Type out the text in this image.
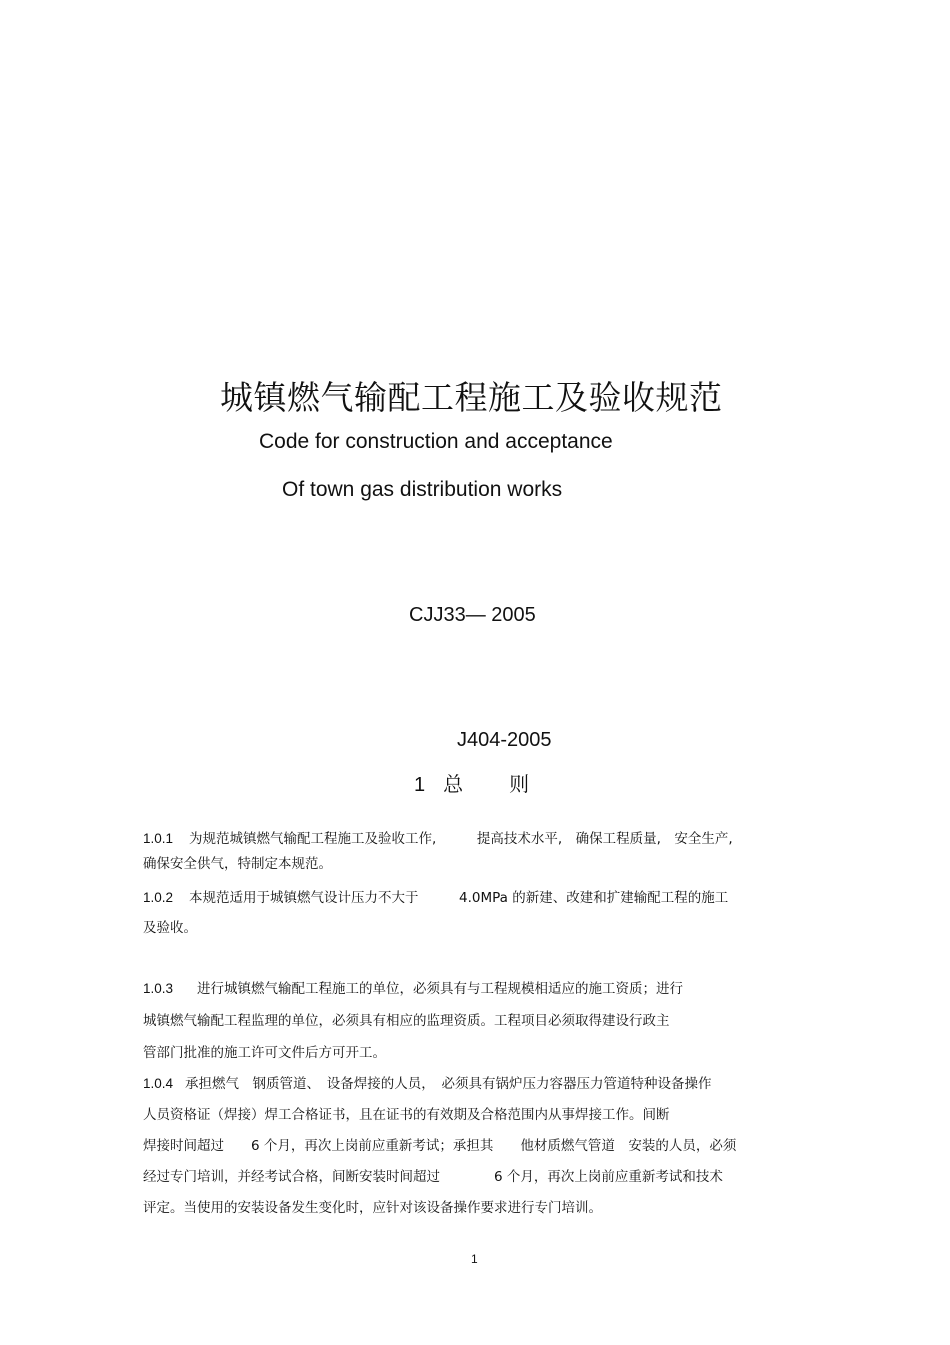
城镇燃气输配工程施工及验收规范
Code for construction and acceptance
Of town gas distribution works
CJJ33— 2005
J404-2005
1 总 则
1.0.1 为规范城镇燃气输配工程施工及验收工作,　　　提高技术水平,　确保工程质量,　安全生产,
确保安全供气，特制定本规范。
1.0.2 本规范适用于城镇燃气设计压力不大于　　　4.0MPa 的新建、改建和扩建输配工程的施工
及验收。
1.0.3 进行城镇燃气输配工程施工的单位，必须具有与工程规模相适应的施工资质；进行
城镇燃气输配工程监理的单位，必须具有相应的监理资质。工程项目必须取得建设行政主
管部门批准的施工许可文件后方可开工。
1.0.4 承担燃气　钢质管道、　设备焊接的人员，　必须具有锅炉压力容器压力管道特种设备操作
人员资格证（焊接）焊工合格证书，且在证书的有效期及合格范围内从事焊接工作。间断
焊接时间超过　　6 个月，再次上岗前应重新考试；承担其　　他材质燃气管道　安装的人员，必须
经过专门培训，并经考试合格，间断安装时间超过　　　　6 个月，再次上岗前应重新考试和技术
评定。当使用的安装设备发生变化时，应针对该设备操作要求进行专门培训。
1
